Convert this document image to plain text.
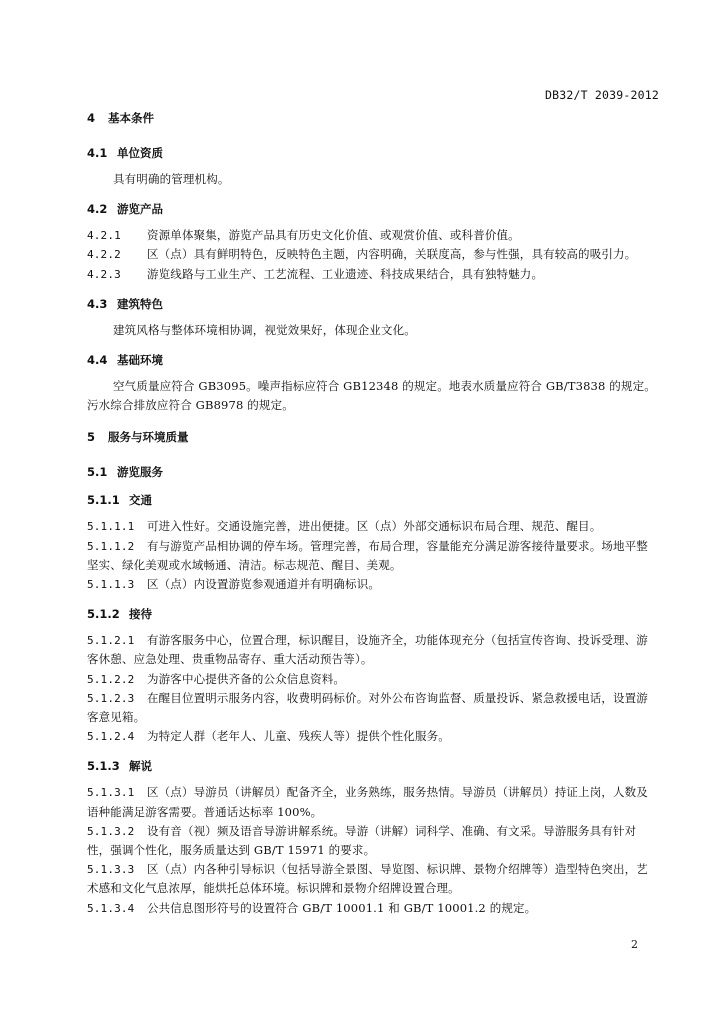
DB32/T 2039-2012
4 基本条件
4.1 单位资质
具有明确的管理机构。
4.2 游览产品
4.2.1 资源单体聚集，游览产品具有历史文化价值、或观赏价值、或科普价值。
4.2.2 区（点）具有鲜明特色，反映特色主题，内容明确，关联度高，参与性强，具有较高的吸引力。
4.2.3 游览线路与工业生产、工艺流程、工业遗迹、科技成果结合，具有独特魅力。
4.3 建筑特色
建筑风格与整体环境相协调，视觉效果好，体现企业文化。
4.4 基础环境
空气质量应符合 GB3095。噪声指标应符合 GB12348 的规定。地表水质量应符合 GB/T3838 的规定。污水综合排放应符合 GB8978 的规定。
5 服务与环境质量
5.1 游览服务
5.1.1 交通
5.1.1.1 可进入性好。交通设施完善，进出便捷。区（点）外部交通标识布局合理、规范、醒目。
5.1.1.2 有与游览产品相协调的停车场。管理完善，布局合理，容量能充分满足游客接待量要求。场地平整坚实、绿化美观或水域畅通、清洁。标志规范、醒目、美观。
5.1.1.3 区（点）内设置游览参观通道并有明确标识。
5.1.2 接待
5.1.2.1 有游客服务中心，位置合理，标识醒目，设施齐全，功能体现充分（包括宣传咨询、投诉受理、游客休憩、应急处理、贵重物品寄存、重大活动预告等）。
5.1.2.2 为游客中心提供齐备的公众信息资料。
5.1.2.3 在醒目位置明示服务内容，收费明码标价。对外公布咨询监督、质量投诉、紧急救援电话，设置游客意见箱。
5.1.2.4 为特定人群（老年人、儿童、残疾人等）提供个性化服务。
5.1.3 解说
5.1.3.1 区（点）导游员（讲解员）配备齐全，业务熟练，服务热情。导游员（讲解员）持证上岗，人数及语种能满足游客需要。普通话达标率 100%。
5.1.3.2 设有音（视）频及语音导游讲解系统。导游（讲解）词科学、准确、有文采。导游服务具有针对性，强调个性化，服务质量达到 GB/T 15971 的要求。
5.1.3.3 区（点）内各种引导标识（包括导游全景图、导览图、标识牌、景物介绍牌等）造型特色突出，艺术感和文化气息浓厚，能烘托总体环境。标识牌和景物介绍牌设置合理。
5.1.3.4 公共信息图形符号的设置符合 GB/T 10001.1 和 GB/T 10001.2 的规定。
2
